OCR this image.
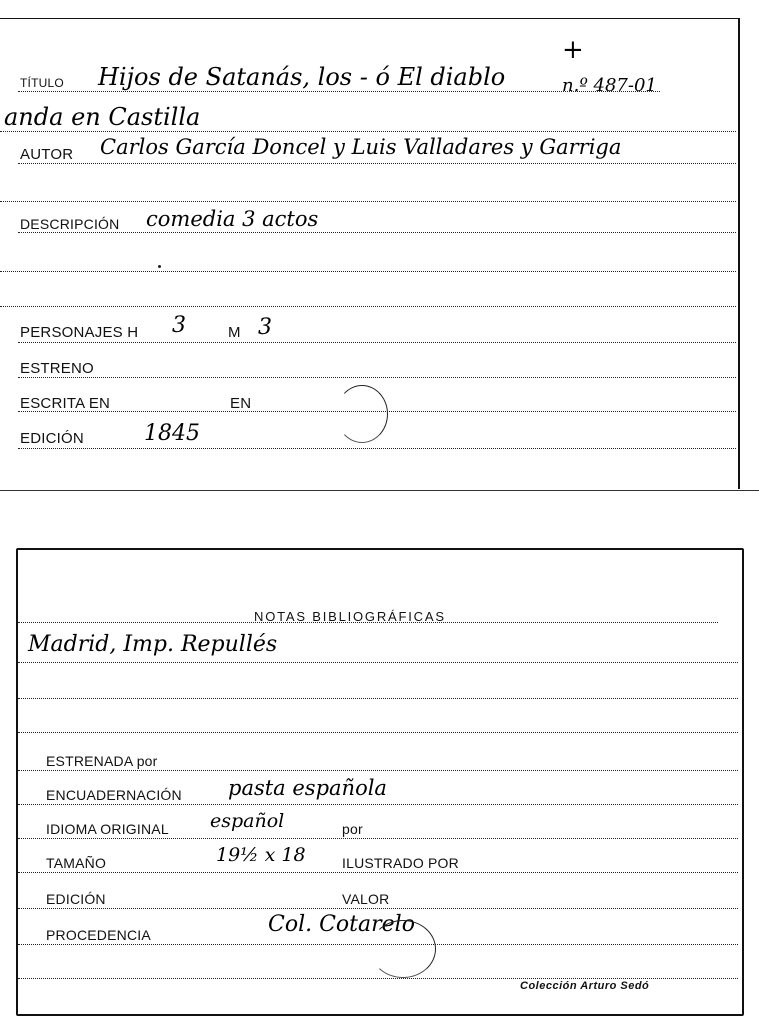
TÍTULO Hijos de Satanás, los - ó El diablo	n.º 487-01
+
anda en Castilla
AUTOR Carlos García Doncel y Luis Valladares y Garriga
DESCRIPCIÓN comedia 3 actos
PERSONAJES H 3	M 3
ESTRENO
ESCRITA EN	EN
EDICIÓN	1845
NOTAS BIBLIOGRÁFICAS
Madrid, Imp. Repullés
ESTRENADA por
ENCUADERNACIÓN pasta española
IDIOMA ORIGINAL español	por
TAMAÑO	19½ x 18	ILUSTRADO POR
EDICIÓN	VALOR
PROCEDENCIA	Col. Cotarelo
Colección Arturo Sedó
